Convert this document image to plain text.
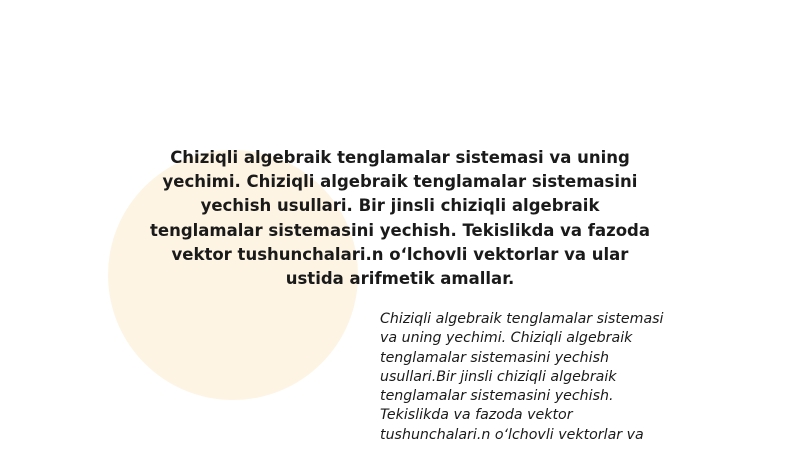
Chiziqli algebraik tenglamalar sistemasi va uning yechimi. Chiziqli algebraik tenglamalar sistemasini yechish usullari. Bir jinsli chiziqli algebraik tenglamalar sistemasini yechish. Tekislikda va fazoda vektor tushunchalari.n o‘lchovli vektorlar va ular ustida arifmetik amallar.

Chiziqli algebraik tenglamalar sistemasi va uning yechimi. Chiziqli algebraik tenglamalar sistemasini yechish usullari.Bir jinsli chiziqli algebraik tenglamalar sistemasini yechish. Tekislikda va fazoda vektor tushunchalari.n o‘lchovli vektorlar va
